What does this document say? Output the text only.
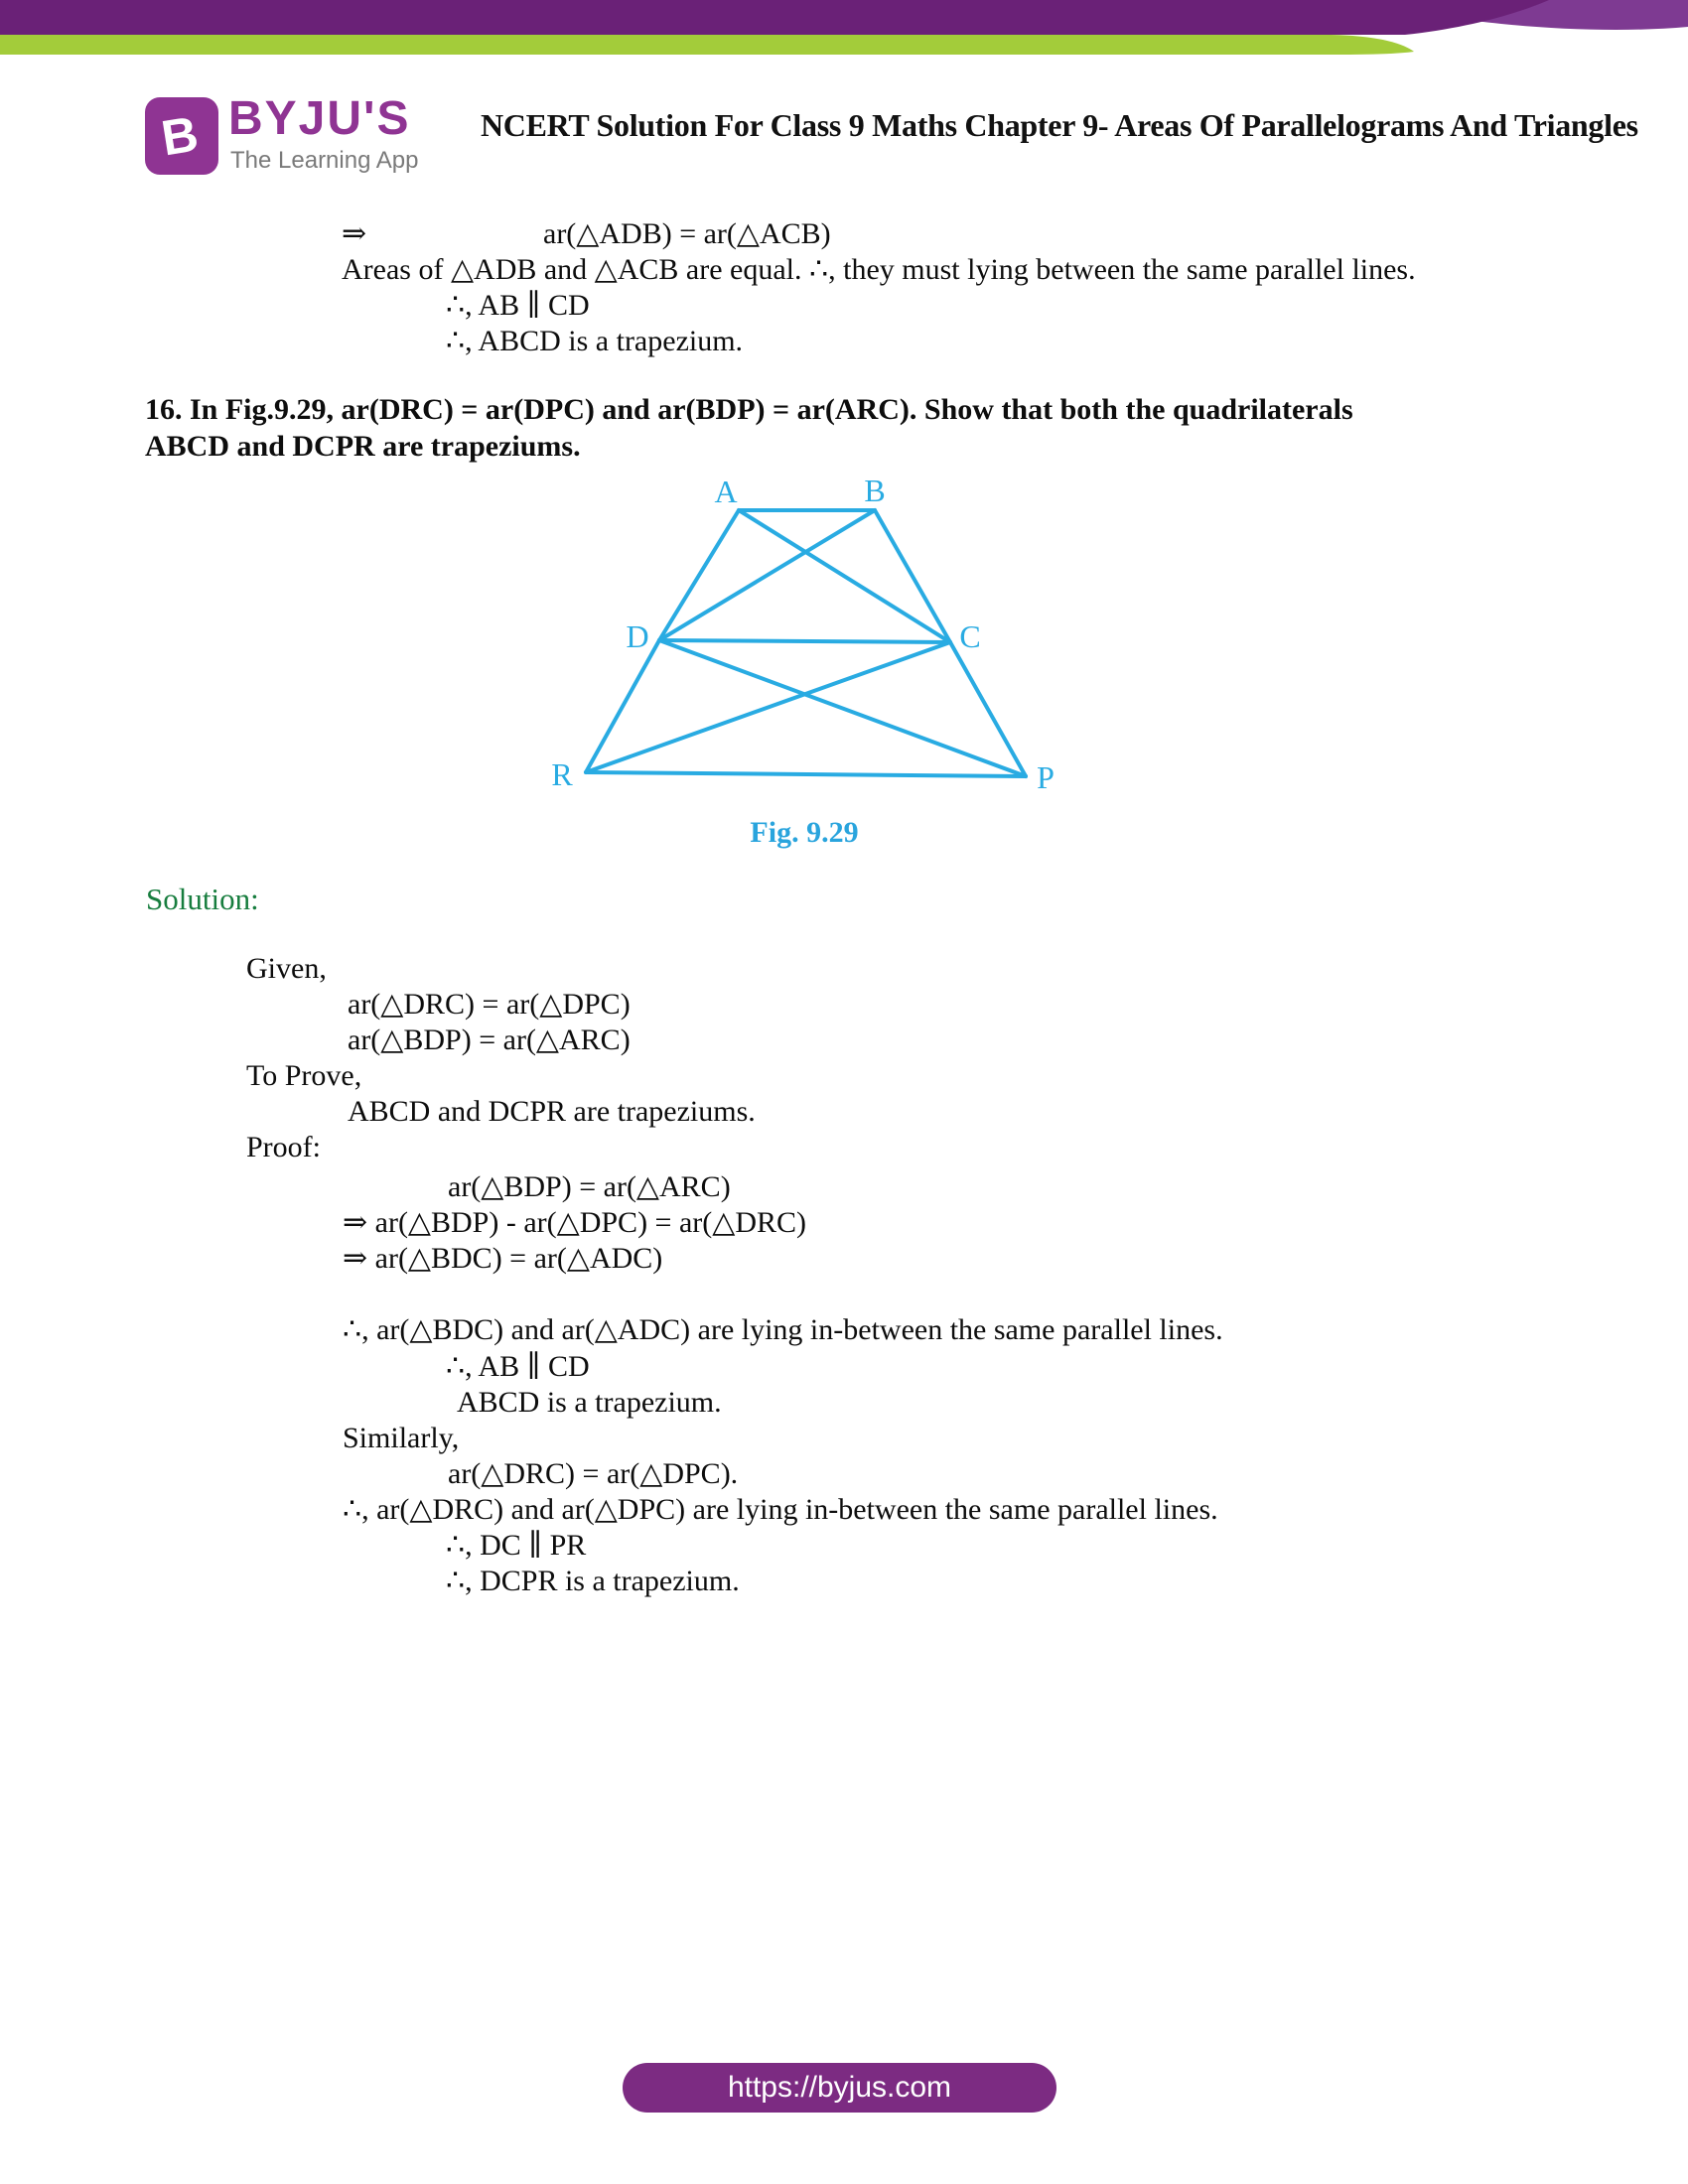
B BYJU'S
The Learning App
NCERT Solution For Class 9 Maths Chapter 9- Areas Of Parallelograms And Triangles
⇒	ar(△ADB) = ar(△ACB)
Areas of △ADB and △ACB are equal. ∴, they must lying between the same parallel lines.
∴, AB ∥ CD
∴, ABCD is a trapezium.
16. In Fig.9.29, ar(DRC) = ar(DPC) and ar(BDP) = ar(ARC). Show that both the quadrilaterals
ABCD and DCPR are trapeziums.
A	B
D	C
R	P
Fig. 9.29
Solution:
Given,
ar(△DRC) = ar(△DPC)
ar(△BDP) = ar(△ARC)
To Prove,
ABCD and DCPR are trapeziums.
Proof:
ar(△BDP) = ar(△ARC)
⇒ ar(△BDP) - ar(△DPC) = ar(△DRC)
⇒ ar(△BDC) = ar(△ADC)
∴, ar(△BDC) and ar(△ADC) are lying in-between the same parallel lines.
∴, AB ∥ CD
ABCD is a trapezium.
Similarly,
ar(△DRC) = ar(△DPC).
∴, ar(△DRC) and ar(△DPC) are lying in-between the same parallel lines.
∴, DC ∥ PR
∴, DCPR is a trapezium.
https://byjus.com
